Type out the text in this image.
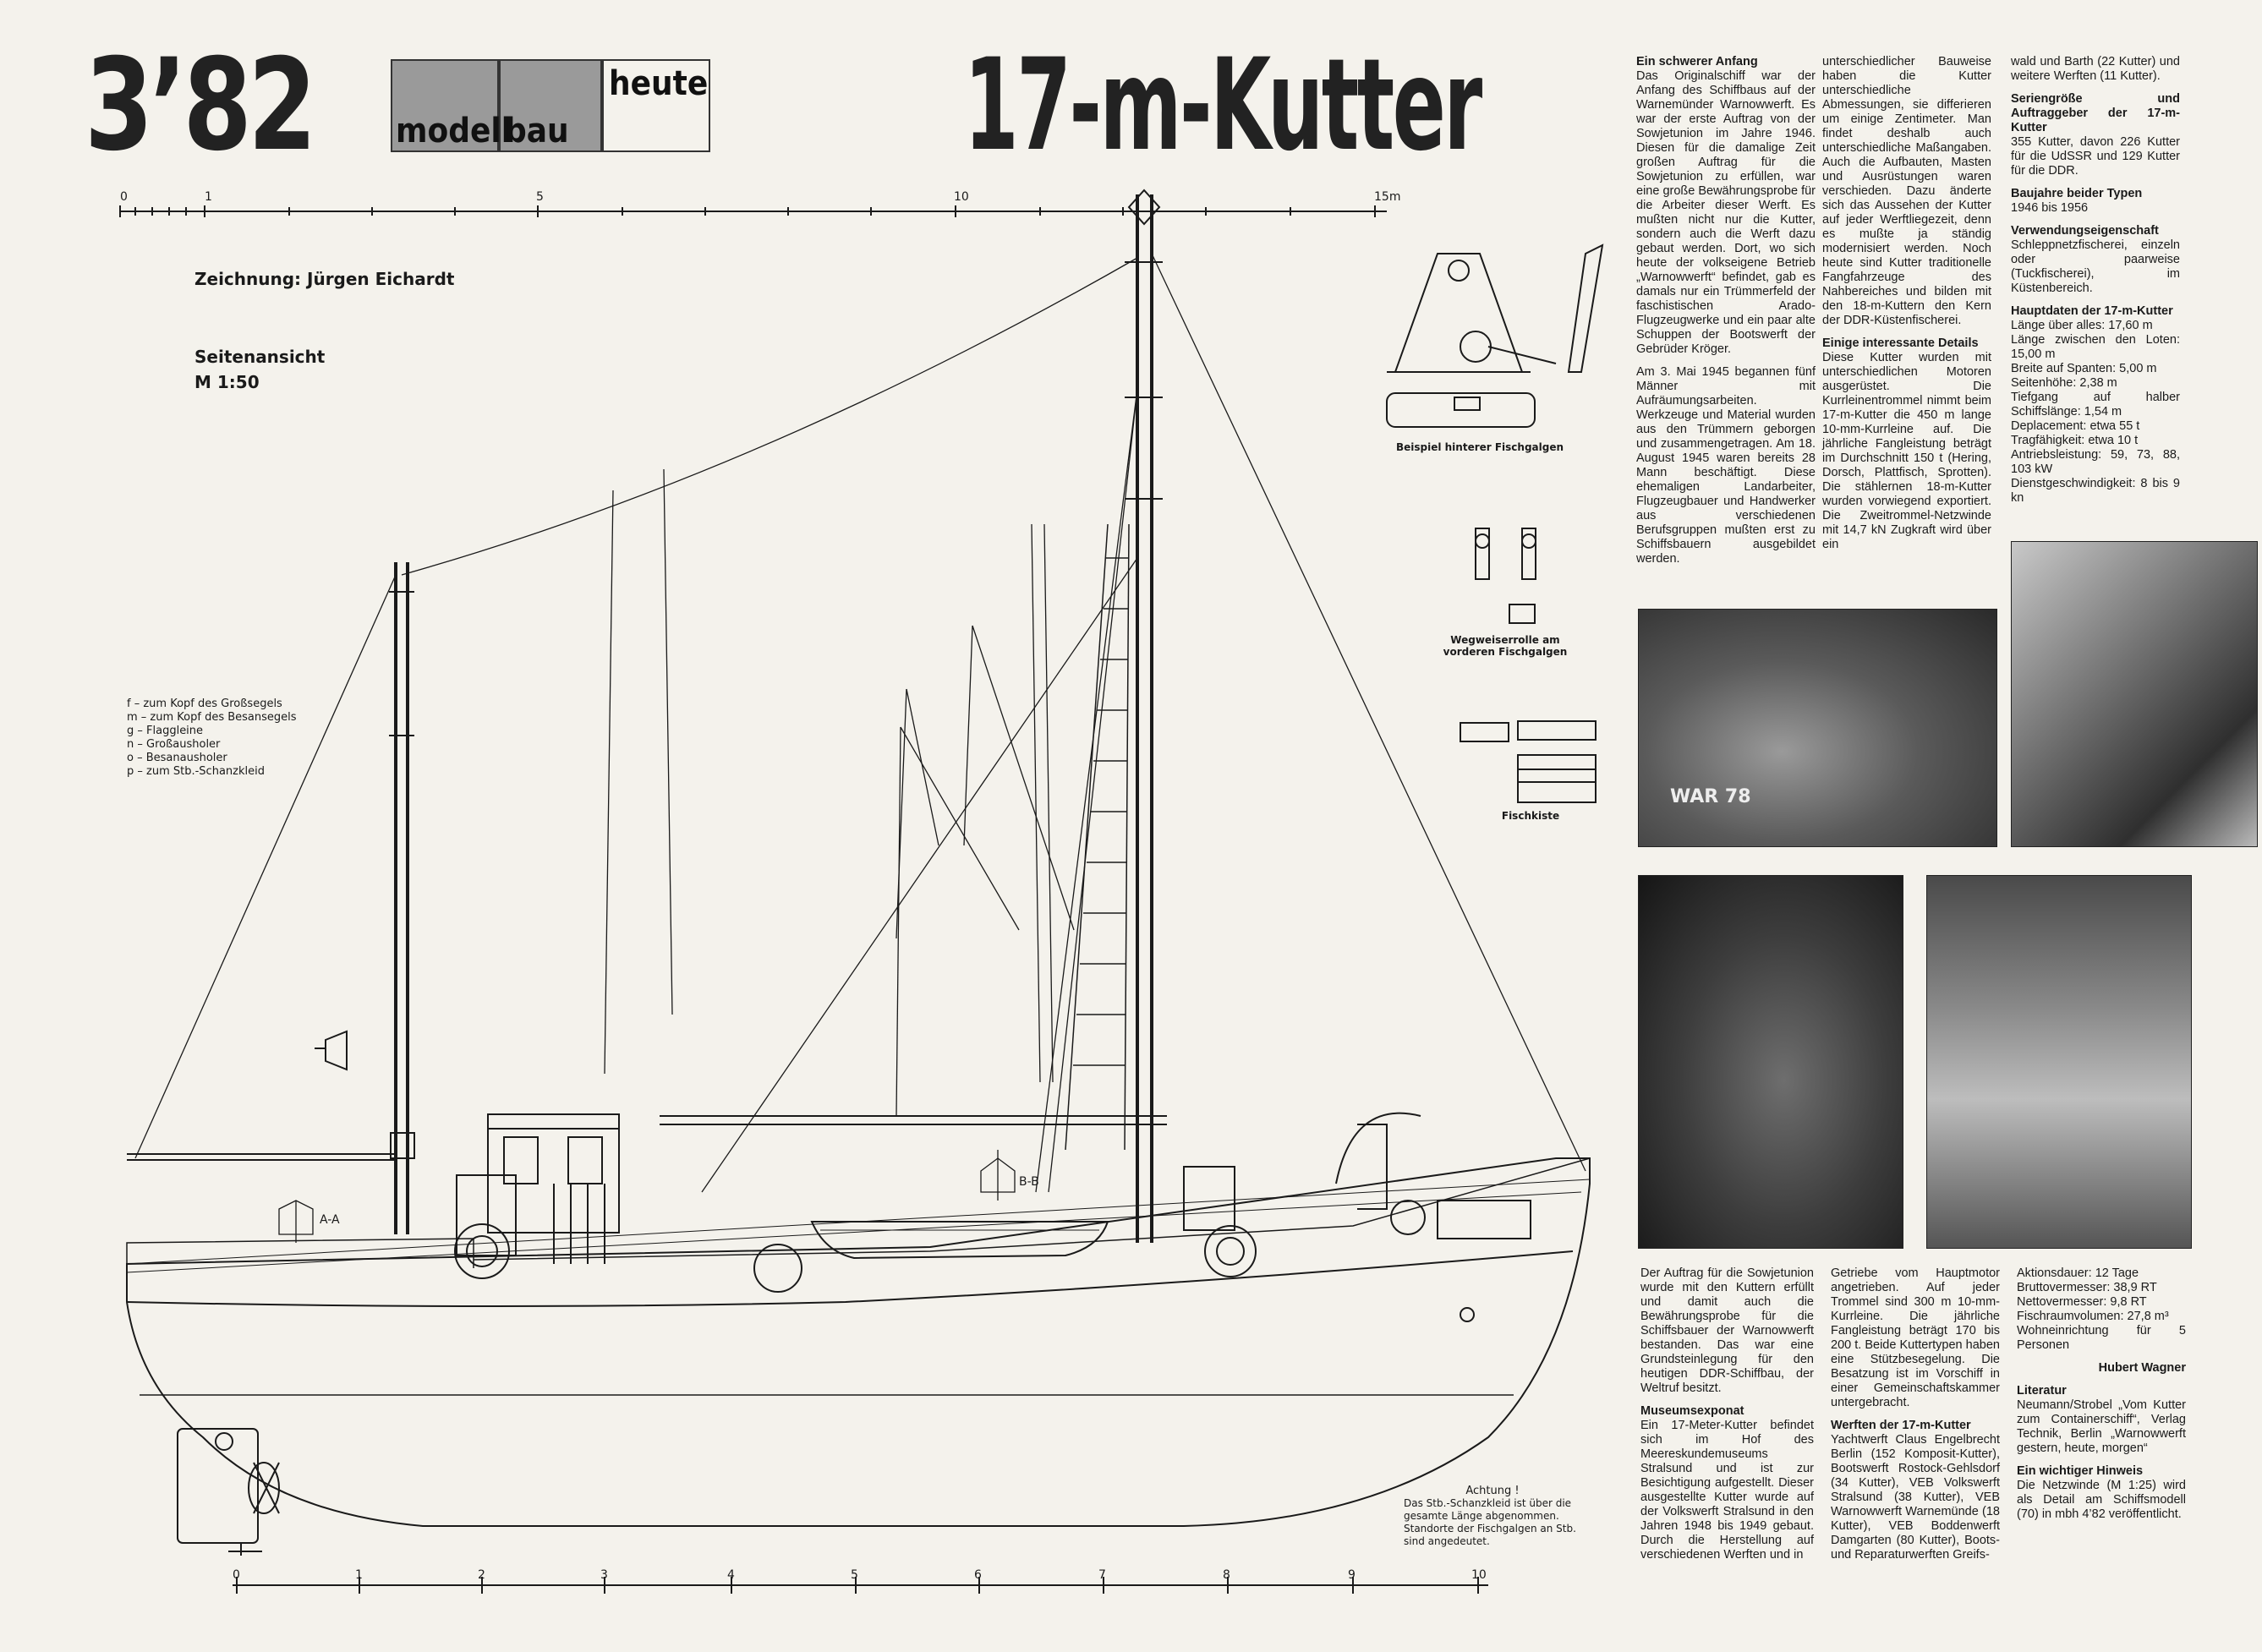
3’82 modell
bau
heute 17-m-Kutter
0	1	5	10	15m
Zeichnung: Jürgen Eichardt
Seitenansicht
M 1:50
f – zum Kopf des Großsegels
m – zum Kopf des Besansegels
g – Flaggleine
n – Großausholer
o – Besanausholer
p – zum Stb.-Schanzkleid
0	1	2	3	4	5	6	7	8	9	10
A-A
B-B
Beispiel hinterer Fischgalgen
Wegweiserrolle am
vorderen Fischgalgen
Fischkiste
Achtung !
Das Stb.-Schanzkleid ist über die gesamte Länge abgenommen. Standorte der Fischgalgen an Stb. sind angedeutet.
WAR 78
Ein schwerer Anfang

Das Originalschiff war der Anfang des Schiffbaus auf der Warnemünder Warnowwerft. Es war der erste Auftrag von der Sowjetunion im Jahre 1946. Diesen für die damalige Zeit großen Auftrag für die Sowjetunion zu erfüllen, war eine große Bewährungsprobe für die Arbeiter dieser Werft. Es mußten nicht nur die Kutter, sondern auch die Werft dazu gebaut werden. Dort, wo sich heute der volkseigene Betrieb „Warnowwerft“ befindet, gab es damals nur ein Trümmerfeld der faschistischen Arado-Flugzeugwerke und ein paar alte Schuppen der Bootswerft der Gebrüder Kröger.

Am 3. Mai 1945 begannen fünf Männer mit Aufräumungsarbeiten. Werkzeuge und Material wurden aus den Trümmern geborgen und zusammengetragen. Am 18. August 1945 waren bereits 28 Mann beschäftigt. Diese ehemaligen Landarbeiter, Flugzeugbauer und Handwerker aus verschiedenen Berufsgruppen mußten erst zu Schiffsbauern ausgebildet werden.

unterschiedlicher Bauweise haben die Kutter unterschiedliche Abmessungen, sie differieren um einige Zentimeter. Man findet deshalb auch unterschiedliche Maßangaben. Auch die Aufbauten, Masten und Ausrüstungen waren verschieden. Dazu änderte sich das Aussehen der Kutter auf jeder Werftliegezeit, denn es mußte ja ständig modernisiert werden. Noch heute sind Kutter traditionelle Fangfahrzeuge des Nahbereiches und bilden mit den 18-m-Kuttern den Kern der DDR-Küstenfischerei.

Einige interessante Details

Diese Kutter wurden mit unterschiedlichen Motoren ausgerüstet. Die Kurrleinentrommel nimmt beim 17-m-Kutter die 450 m lange 10-mm-Kurrleine auf. Die jährliche Fangleistung beträgt im Durchschnitt 150 t (Hering, Dorsch, Plattfisch, Sprotten). Die stählernen 18-m-Kutter wurden vorwiegend exportiert. Die Zweitrommel-Netzwinde mit 14,7 kN Zugkraft wird über ein

wald und Barth (22 Kutter) und weitere Werften (11 Kutter).

Seriengröße und Auftraggeber der 17-m-Kutter

355 Kutter, davon 226 Kutter für die UdSSR und 129 Kutter für die DDR.

Baujahre beider Typen

1946 bis 1956

Verwendungseigenschaft

Schleppnetzfischerei, einzeln oder paarweise (Tuckfischerei), im Küstenbereich.

Hauptdaten der 17-m-Kutter

Länge über alles: 17,60 m
Länge zwischen den Loten: 15,00 m
Breite auf Spanten: 5,00 m
Seitenhöhe: 2,38 m
Tiefgang auf halber Schiffslänge: 1,54 m
Deplacement: etwa 55 t
Tragfähigkeit: etwa 10 t
Antriebsleistung: 59, 73, 88, 103 kW
Dienstgeschwindigkeit: 8 bis 9 kn

Der Auftrag für die Sowjetunion wurde mit den Kuttern erfüllt und damit auch die Bewährungsprobe für die Schiffsbauer der Warnowwerft bestanden. Das war eine Grundsteinlegung für den heutigen DDR-Schiffbau, der Weltruf besitzt.

Museumsexponat

Ein 17-Meter-Kutter befindet sich im Hof des Meereskundemuseums Stralsund und ist zur Besichtigung aufgestellt. Dieser ausgestellte Kutter wurde auf der Volkswerft Stralsund in den Jahren 1948 bis 1949 gebaut. Durch die Herstellung auf verschiedenen Werften und in

Getriebe vom Hauptmotor angetrieben. Auf jeder Trommel sind 300 m 10-mm-Kurrleine. Die jährliche Fangleistung beträgt 170 bis 200 t. Beide Kuttertypen haben eine Stützbesegelung. Die Besatzung ist im Vorschiff in einer Gemeinschaftskammer untergebracht.

Werften der 17-m-Kutter

Yachtwerft Claus Engelbrecht Berlin (152 Komposit-Kutter), Bootswerft Rostock-Gehlsdorf (34 Kutter), VEB Volkswerft Stralsund (38 Kutter), VEB Warnowwerft Warnemünde (18 Kutter), VEB Boddenwerft Damgarten (80 Kutter), Boots- und Reparaturwerften Greifs-

Aktionsdauer: 12 Tage
Bruttovermesser: 38,9 RT
Nettovermesser: 9,8 RT
Fischraumvolumen: 27,8 m³
Wohneinrichtung für 5 Personen

Hubert Wagner

Literatur

Neumann/Strobel „Vom Kutter zum Containerschiff“, Verlag Technik, Berlin „Warnowwerft gestern, heute, morgen“

Ein wichtiger Hinweis

Die Netzwinde (M 1:25) wird als Detail am Schiffsmodell (70) in mbh 4’82 veröffentlicht.
